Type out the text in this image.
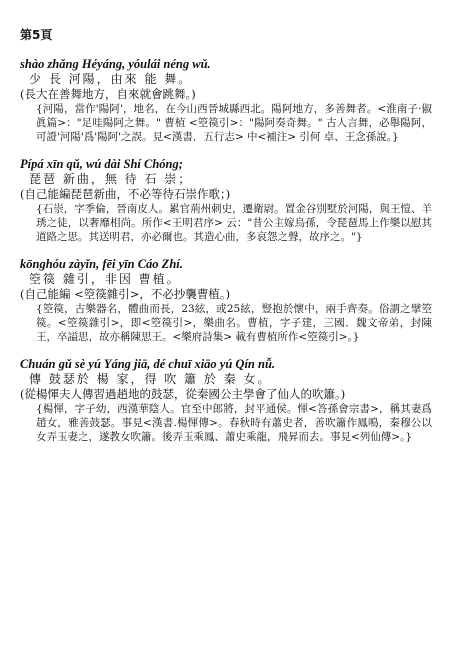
第5頁
shào zhǎng Héyáng, yóulái néng wǔ.
少 長 河陽，由來 能 舞。
(長大在善舞地方，自來就會跳舞。)
{河陽，當作'陽阿'，地名，在今山西晉城縣西北。陽阿地方，多善舞者。<淮南子·俶眞篇>："足哇陽阿之舞。" 曹植 <箜篌引>："陽阿奏奇舞。" 古人言舞，必舉陽阿，可證'河陽'爲'陽阿'之誤。見<漢書．五行志> 中<補注> 引何 卓、王念孫說。}
Pípá xīn qǔ, wú dài Shí Chóng;
琵琶 新曲，無 待 石 崇；
(自己能編琵琶新曲，不必等待石崇作歌；)
{石崇，字季倫，晉南皮人。累官荊州刺史，遷衛尉。置金谷別墅於河陽，與王愷、羊琇之徒，以奢靡相尚。所作<王明君序> 云："昔公主嫁烏孫，令琵琶馬上作樂以慰其道路之思。其送明君，亦必爾也。其造心曲，多哀怨之聲，故序之。"}
kōnghóu zàyǐn, fēi yīn Cáo Zhí.
箜篌 雜引，非因 曹植。
(自己能編 <箜篌雜引>，不必抄襲曹植。)
{箜篌，古樂器名，體曲而長，23絃，或25絃，豎抱於懷中，兩手齊奏。俗謂之擘箜篌。<箜篌雜引>，即<箜篌引>，樂曲名。曹植，字子建，三國．魏文帝弟，封陳王，卒謚思，故亦稱陳思王。<樂府詩集> 載有曹植所作<箜篌引>。}
Chuán gǔ sè yú Yáng jiā, dé chuī xiāo yú Qín nǚ.
傳 鼓瑟於 楊 家，得 吹 簫 於 秦 女。
(從楊惲夫人傳習過趙地的鼓瑟，從秦國公主學會了仙人的吹簫。)
{楊惲，字子幼，西漢華陰人。官至中郎將，封平通侯。惲<答孫會宗書>，稱其妻爲趙女，雅善鼓瑟。事見<漢書.楊惲傳>。春秋時有蕭史者，善吹簫作鳳鳴，秦穆公以女弄玉妻之，遂教女吹簫。後弄玉乘鳳、蕭史乘龍，飛昇而去。事見<列仙傳>。}
